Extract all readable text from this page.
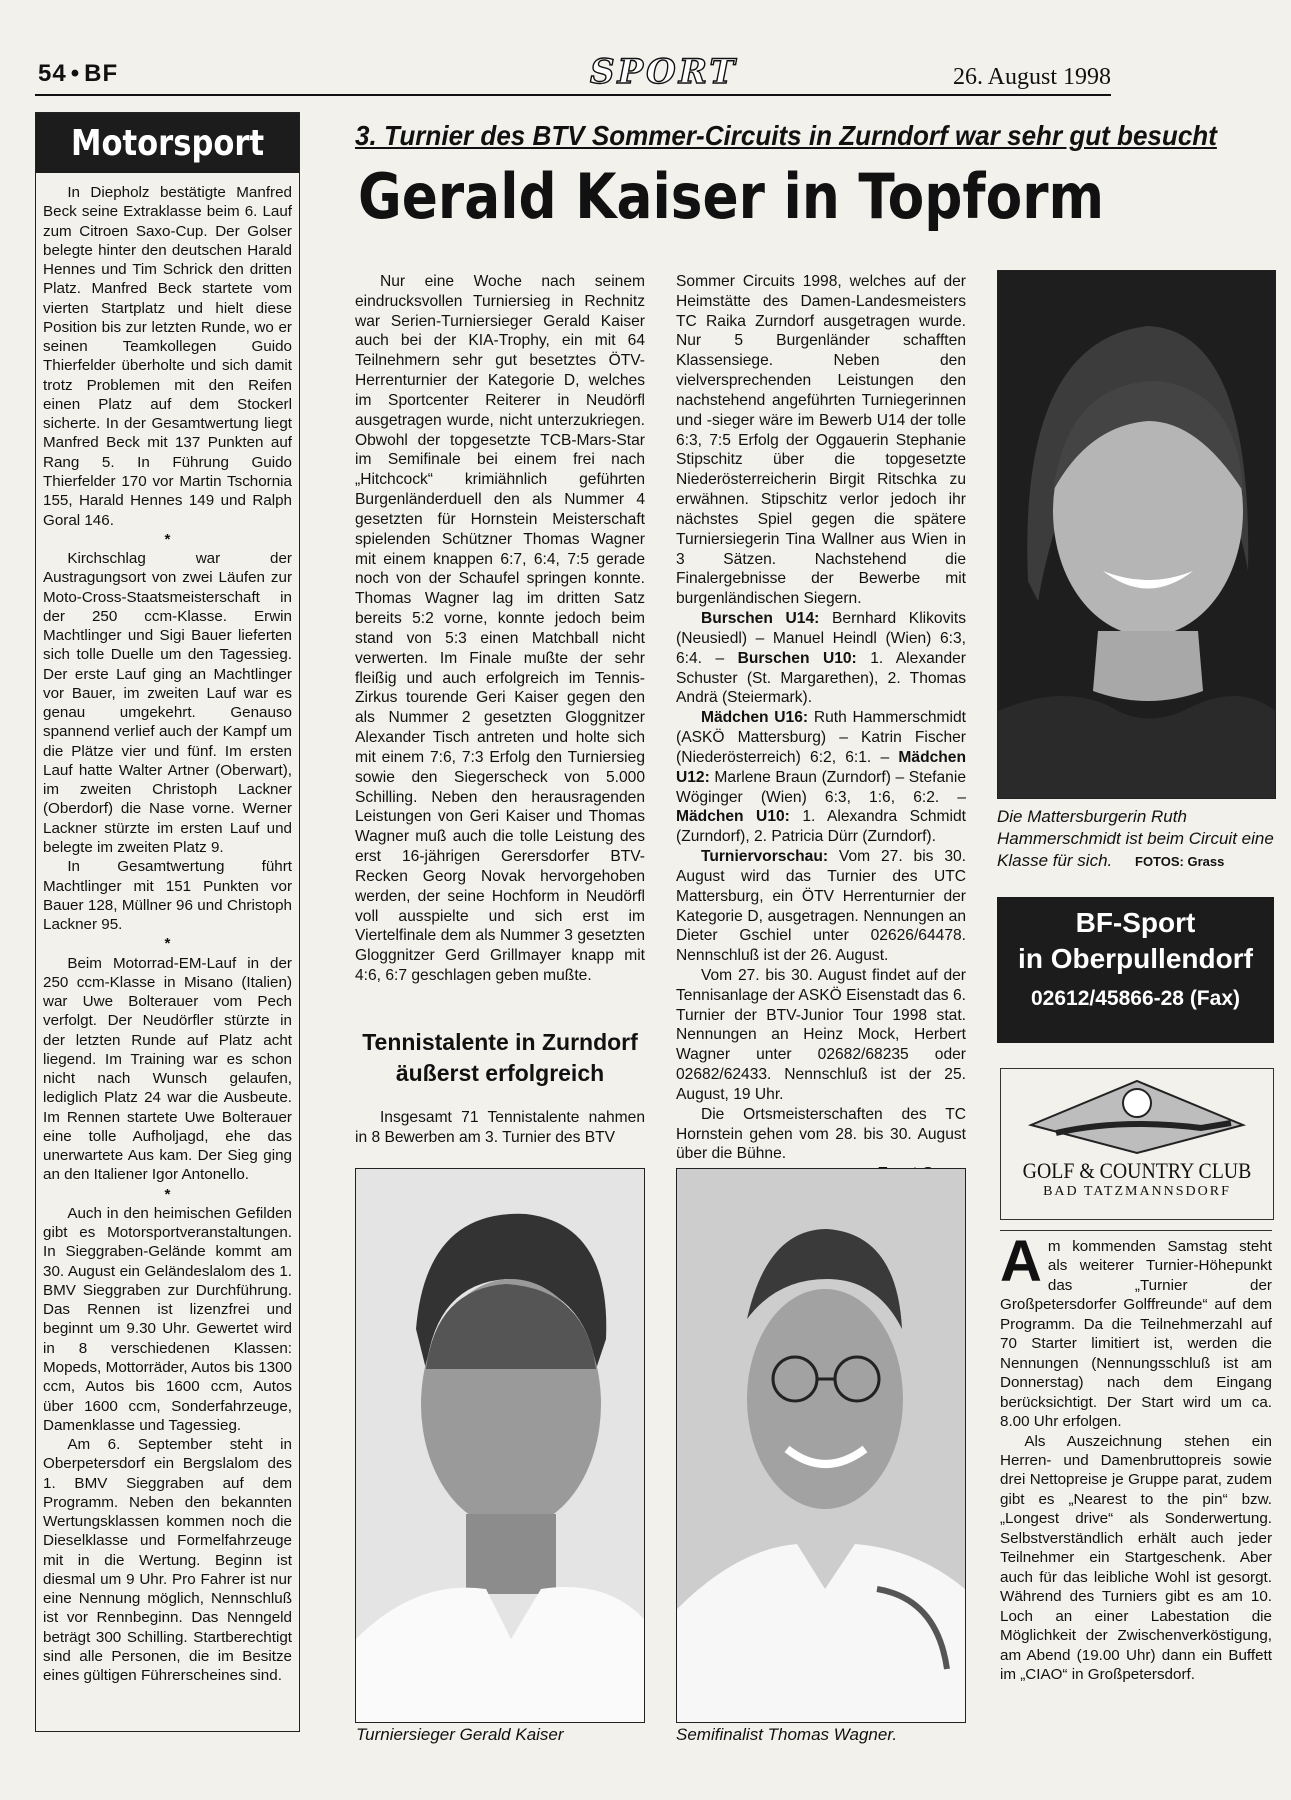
54 • BF	SPORT	26. August 1998
Motorsport

In Diepholz bestätigte Manfred Beck seine Extraklasse beim 6. Lauf zum Citroen Saxo-Cup. Der Golser belegte hinter den deutschen Harald Hennes und Tim Schrick den dritten Platz. Manfred Beck startete vom vierten Startplatz und hielt diese Position bis zur letzten Runde, wo er seinen Teamkollegen Guido Thierfelder überholte und sich damit trotz Problemen mit den Reifen einen Platz auf dem Stockerl sicherte. In der Gesamtwertung liegt Manfred Beck mit 137 Punkten auf Rang 5. In Führung Guido Thierfelder 170 vor Martin Tschornia 155, Harald Hennes 149 und Ralph Goral 146.

*

Kirchschlag war der Austragungsort von zwei Läufen zur Moto-Cross-Staatsmeisterschaft in der 250 ccm-Klasse. Erwin Machtlinger und Sigi Bauer lieferten sich tolle Duelle um den Tagessieg. Der erste Lauf ging an Machtlinger vor Bauer, im zweiten Lauf war es genau umgekehrt. Genauso spannend verlief auch der Kampf um die Plätze vier und fünf. Im ersten Lauf hatte Walter Artner (Oberwart), im zweiten Christoph Lackner (Oberdorf) die Nase vorne. Werner Lackner stürzte im ersten Lauf und belegte im zweiten Platz 9.

In Gesamtwertung führt Machtlinger mit 151 Punkten vor Bauer 128, Müllner 96 und Christoph Lackner 95.

*

Beim Motorrad-EM-Lauf in der 250 ccm-Klasse in Misano (Italien) war Uwe Bolterauer vom Pech verfolgt. Der Neudörfler stürzte in der letzten Runde auf Platz acht liegend. Im Training war es schon nicht nach Wunsch gelaufen, lediglich Platz 24 war die Ausbeute. Im Rennen startete Uwe Bolterauer eine tolle Aufholjagd, ehe das unerwartete Aus kam. Der Sieg ging an den Italiener Igor Antonello.

*

Auch in den heimischen Gefilden gibt es Motorsportveranstaltungen. In Sieggraben-Gelände kommt am 30. August ein Geländeslalom des 1. BMV Sieggraben zur Durchführung. Das Rennen ist lizenzfrei und beginnt um 9.30 Uhr. Gewertet wird in 8 verschiedenen Klassen: Mopeds, Mottorräder, Autos bis 1300 ccm, Autos bis 1600 ccm, Autos über 1600 ccm, Sonderfahrzeuge, Damenklasse und Tagessieg.

Am 6. September steht in Oberpetersdorf ein Bergslalom des 1. BMV Sieggraben auf dem Programm. Neben den bekannten Wertungsklassen kommen noch die Dieselklasse und Formelfahrzeuge mit in die Wertung. Beginn ist diesmal um 9 Uhr. Pro Fahrer ist nur eine Nennung möglich, Nennschluß ist vor Rennbeginn. Das Nenngeld beträgt 300 Schilling. Startberechtigt sind alle Personen, die im Besitze eines gültigen Führerscheines sind.

3. Turnier des BTV Sommer-Circuits in Zurndorf war sehr gut besucht
Gerald Kaiser in Topform

Nur eine Woche nach seinem eindrucksvollen Turniersieg in Rechnitz war Serien-Turniersieger Gerald Kaiser auch bei der KIA-Trophy, ein mit 64 Teilnehmern sehr gut besetztes ÖTV-Herrenturnier der Kategorie D, welches im Sportcenter Reiterer in Neudörfl ausgetragen wurde, nicht unterzukriegen. Obwohl der topgesetzte TCB-Mars-Star im Semifinale bei einem frei nach „Hitchcock“ krimiähnlich geführten Burgenländerduell den als Nummer 4 gesetzten für Hornstein Meisterschaft spielenden Schützner Thomas Wagner mit einem knappen 6:7, 6:4, 7:5 gerade noch von der Schaufel springen konnte. Thomas Wagner lag im dritten Satz bereits 5:2 vorne, konnte jedoch beim stand von 5:3 einen Matchball nicht verwerten. Im Finale mußte der sehr fleißig und auch erfolgreich im Tennis-Zirkus tourende Geri Kaiser gegen den als Nummer 2 gesetzten Gloggnitzer Alexander Tisch antreten und holte sich mit einem 7:6, 7:3 Erfolg den Turniersieg sowie den Siegerscheck von 5.000 Schilling. Neben den herausragenden Leistungen von Geri Kaiser und Thomas Wagner muß auch die tolle Leistung des erst 16-jährigen Gerersdorfer BTV-Recken Georg Novak hervorgehoben werden, der seine Hochform in Neudörfl voll ausspielte und sich erst im Viertelfinale dem als Nummer 3 gesetzten Gloggnitzer Gerd Grillmayer knapp mit 4:6, 6:7 geschlagen geben mußte.

Tennistalente in Zurndorf äußerst erfolgreich

Insgesamt 71 Tennistalente nahmen in 8 Bewerben am 3. Turnier des BTV

Sommer Circuits 1998, welches auf der Heimstätte des Damen-Landesmeisters TC Raika Zurndorf ausgetragen wurde. Nur 5 Burgenländer schafften Klassensiege. Neben den vielversprechenden Leistungen den nachstehend angeführten Turniegerinnen und -sieger wäre im Bewerb U14 der tolle 6:3, 7:5 Erfolg der Oggauerin Stephanie Stipschitz über die topgesetzte Niederösterreicherin Birgit Ritschka zu erwähnen. Stipschitz verlor jedoch ihr nächstes Spiel gegen die spätere Turniersiegerin Tina Wallner aus Wien in 3 Sätzen. Nachstehend die Finalergebnisse der Bewerbe mit burgenländischen Siegern.

Burschen U14: Bernhard Klikovits (Neusiedl) – Manuel Heindl (Wien) 6:3, 6:4. – Burschen U10: 1. Alexander Schuster (St. Margarethen), 2. Thomas Andrä (Steiermark).

Mädchen U16: Ruth Hammerschmidt (ASKÖ Mattersburg) – Katrin Fischer (Niederösterreich) 6:2, 6:1. – Mädchen U12: Marlene Braun (Zurndorf) – Stefanie Wöginger (Wien) 6:3, 1:6, 6:2. – Mädchen U10: 1. Alexandra Schmidt (Zurndorf), 2. Patricia Dürr (Zurndorf).

Turniervorschau: Vom 27. bis 30. August wird das Turnier des UTC Mattersburg, ein ÖTV Herrenturnier der Kategorie D, ausgetragen. Nennungen an Dieter Gschiel unter 02626/64478. Nennschluß ist der 26. August.

Vom 27. bis 30. August findet auf der Tennisanlage der ASKÖ Eisenstadt das 6. Turnier der BTV-Junior Tour 1998 stat. Nennungen an Heinz Mock, Herbert Wagner unter 02682/68235 oder 02682/62433. Nennschluß ist der 25. August, 19 Uhr.

Die Ortsmeisterschaften des TC Hornstein gehen vom 28. bis 30. August über die Bühne.

Turniersieger Gerald Kaiser	Semifinalist Thomas Wagner.
Die Mattersburgerin Ruth Hammerschmidt ist beim Circuit eine Klasse für sich. FOTOS: Grass
BF-Sport
in Oberpullendorf
02612/45866-28 (Fax)
GOLF & COUNTRY CLUB
BAD TATZMANNSDORF

Am kommenden Samstag steht als weiterer Turnier-Höhepunkt das „Turnier der Großpetersdorfer Golffreunde“ auf dem Programm. Da die Teilnehmerzahl auf 70 Starter limitiert ist, werden die Nennungen (Nennungsschluß ist am Donnerstag) nach dem Eingang berücksichtigt. Der Start wird um ca. 8.00 Uhr erfolgen.

Als Auszeichnung stehen ein Herren- und Damenbruttopreis sowie drei Nettopreise je Gruppe parat, zudem gibt es „Nearest to the pin“ bzw. „Longest drive“ als Sonderwertung. Selbstverständlich erhält auch jeder Teilnehmer ein Startgeschenk. Aber auch für das leibliche Wohl ist gesorgt. Während des Turniers gibt es am 10. Loch an einer Labestation die Möglichkeit der Zwischenverköstigung, am Abend (19.00 Uhr) dann ein Buffett im „CIAO“ in Großpetersdorf.
